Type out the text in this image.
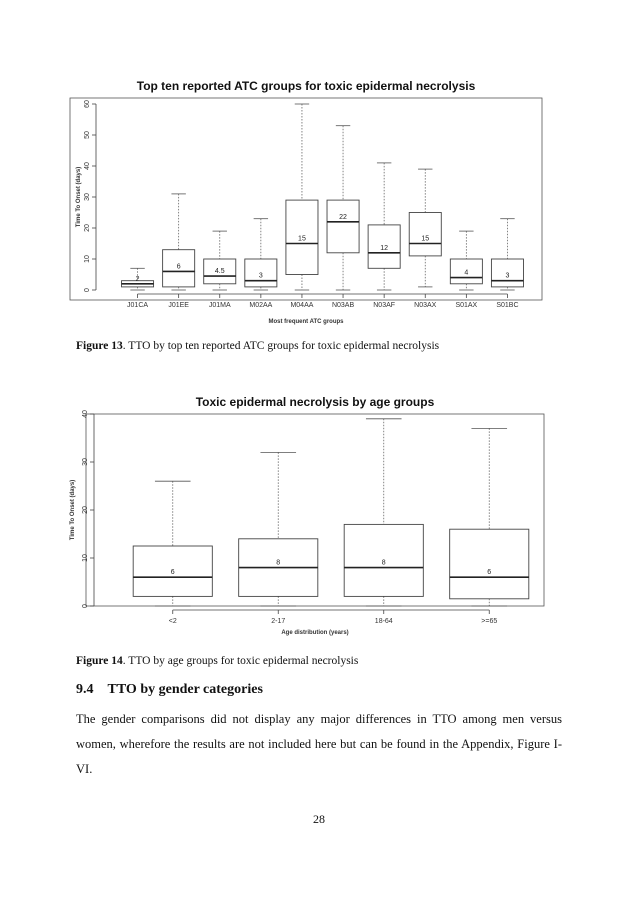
Top ten reported ATC groups for toxic epidermal necrolysis
0
10
20
30
40
50
60
Time To Onset (days)
J01CA	J01EE	J01MA	M02AA	M04AA	N03AB	N03AF	N03AX	S01AX	S01BC
Most frequent ATC groups
2
6
4.5
3
15
22
12
15
4	3
Figure 13. TTO by top ten reported ATC groups for toxic epidermal necrolysis
Toxic epidermal necrolysis by age groups
0
10
20
30
40
Time To Onset (days)
<2	2-17	18-64	>=65
Age distribution (years)
6
8	8
6
Figure 14. TTO by age groups for toxic epidermal necrolysis
9.4 TTO by gender categories
The gender comparisons did not display any major differences in TTO among men versus women, wherefore the results are not included here but can be found in the Appendix, Figure I-VI.
28
